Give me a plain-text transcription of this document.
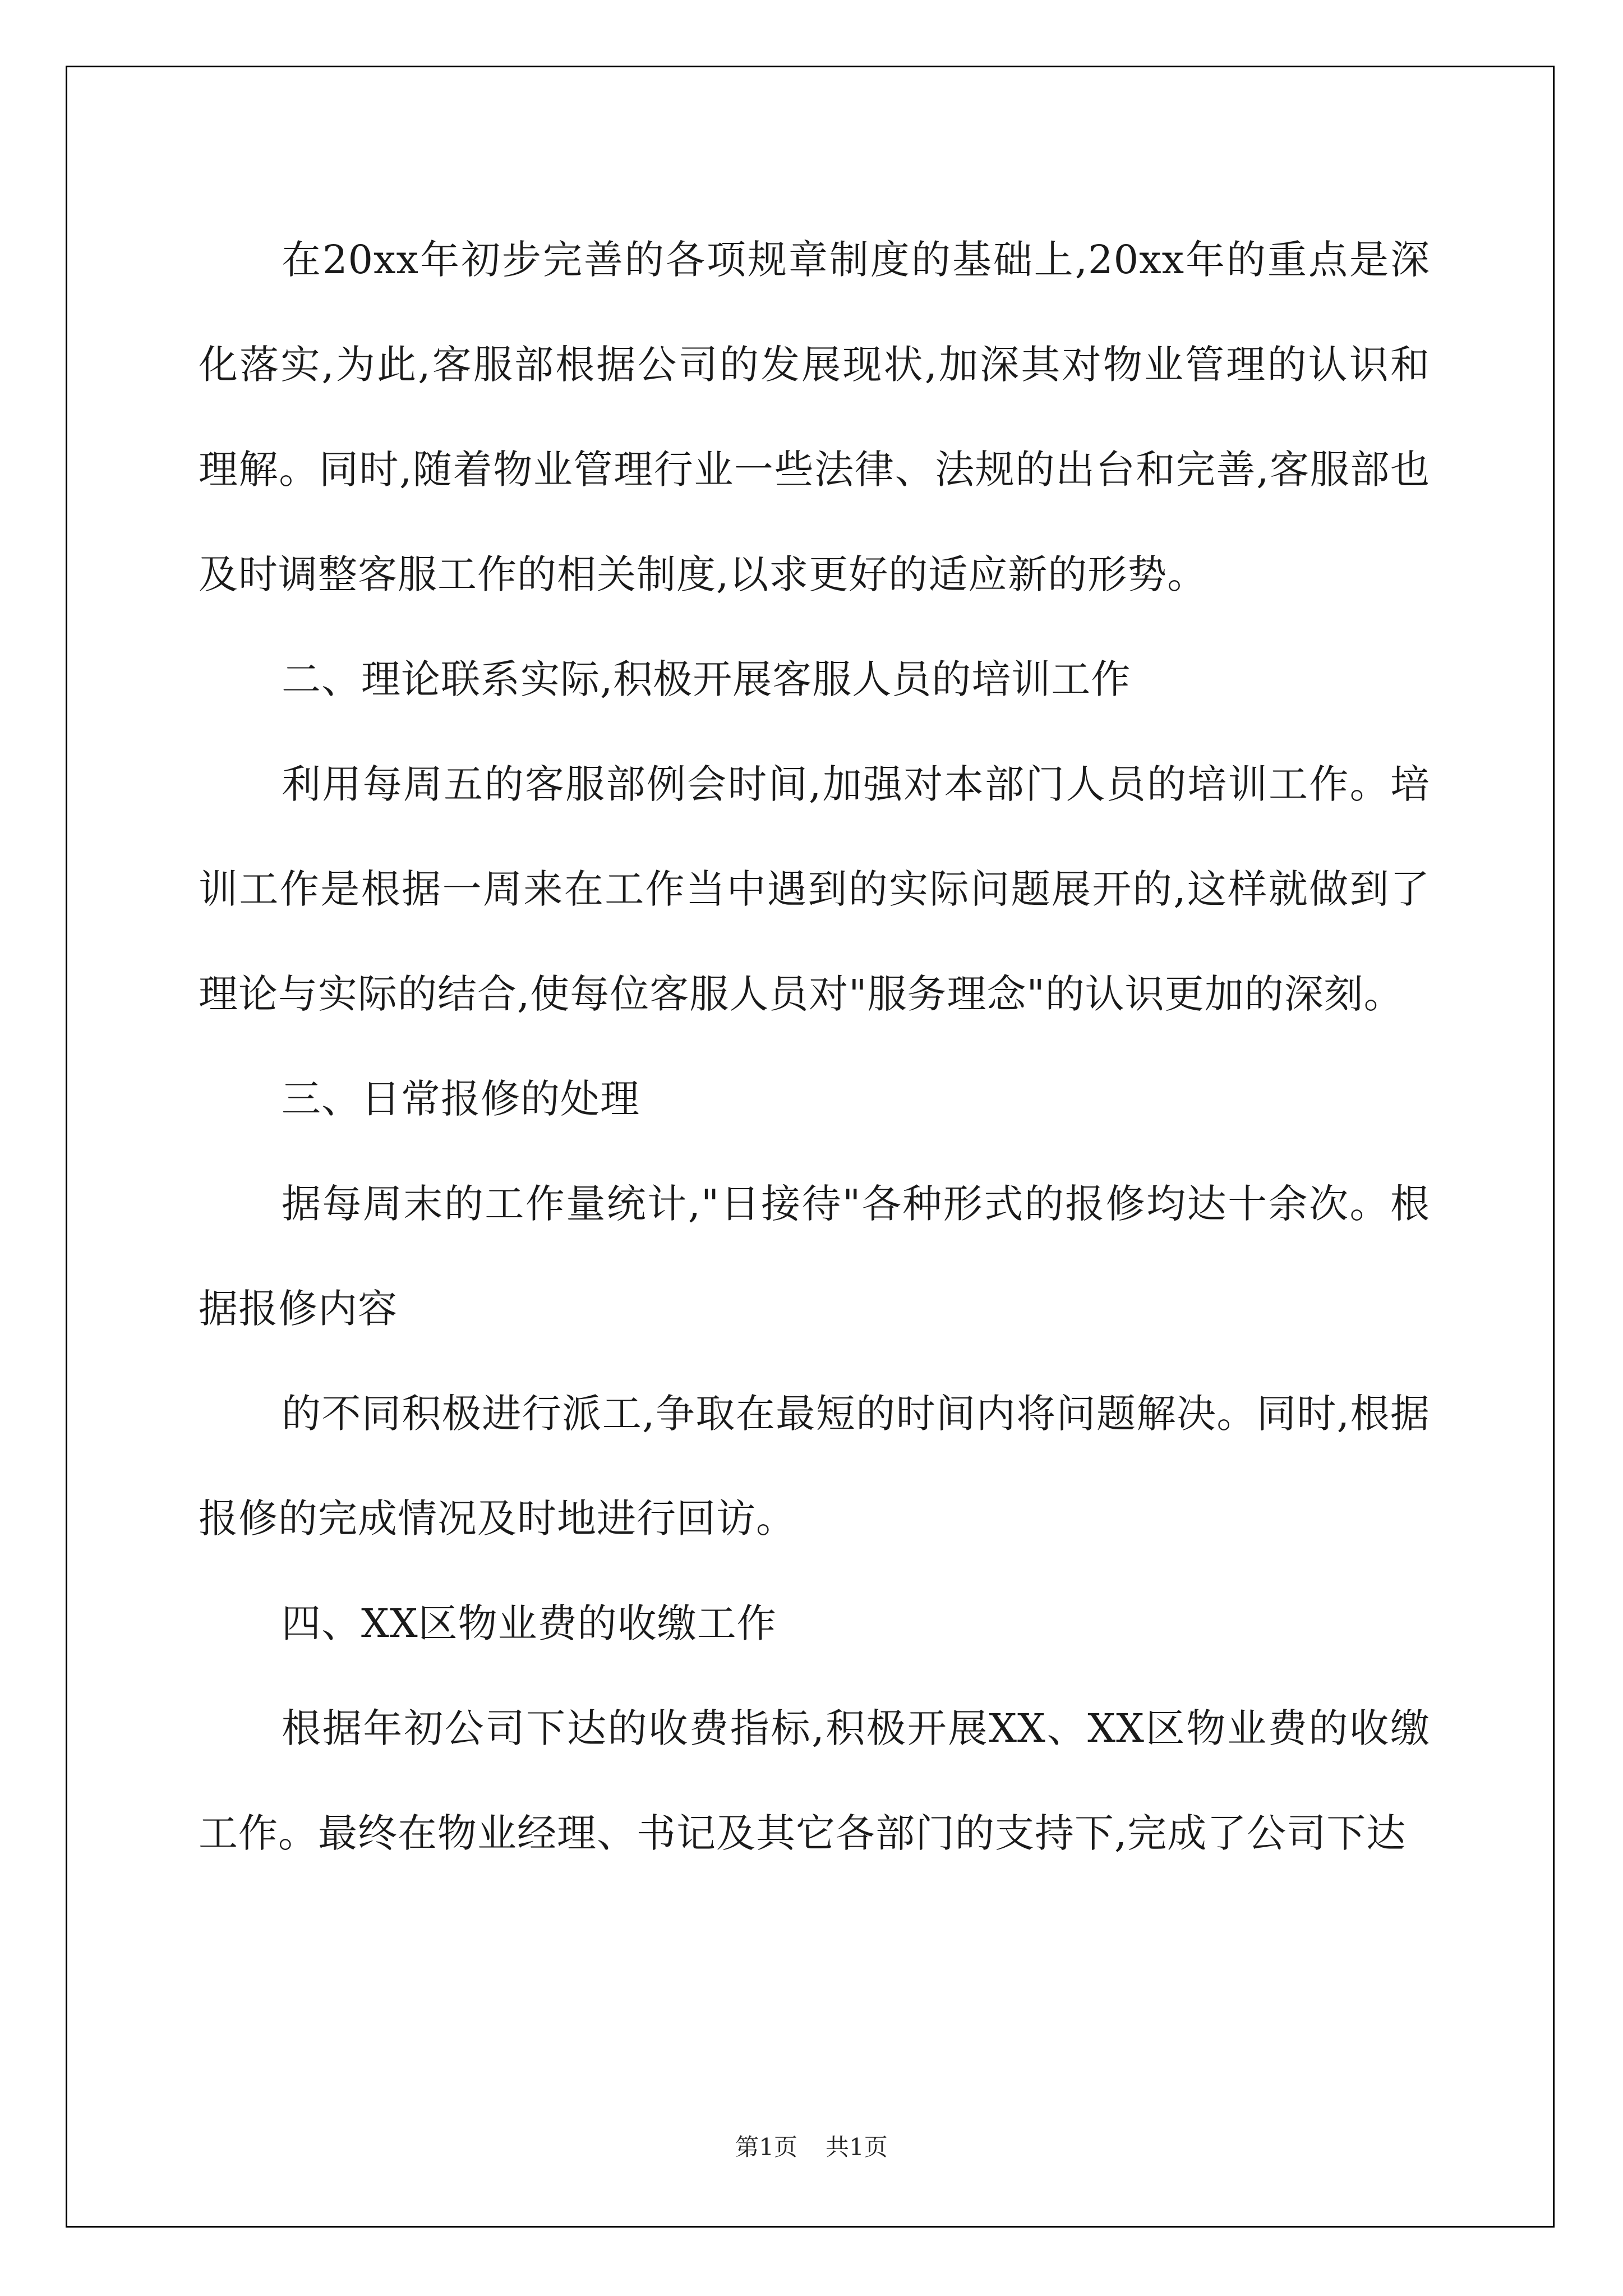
在20xx年初步完善的各项规章制度的基础上,20xx年的重点是深化落实,为此,客服部根据公司的发展现状,加深其对物业管理的认识和理解。同时,随着物业管理行业一些法律、法规的出台和完善,客服部也及时调整客服工作的相关制度,以求更好的适应新的形势。

二、理论联系实际,积极开展客服人员的培训工作

利用每周五的客服部例会时间,加强对本部门人员的培训工作。培训工作是根据一周来在工作当中遇到的实际问题展开的,这样就做到了理论与实际的结合,使每位客服人员对"服务理念"的认识更加的深刻。

三、日常报修的处理

据每周末的工作量统计,"日接待"各种形式的报修均达十余次。根据报修内容

的不同积极进行派工,争取在最短的时间内将问题解决。同时,根据报修的完成情况及时地进行回访。

四、XX区物业费的收缴工作

根据年初公司下达的收费指标,积极开展XX、XX区物业费的收缴工作。最终在物业经理、书记及其它各部门的支持下,完成了公司下达

第1页 共1页
